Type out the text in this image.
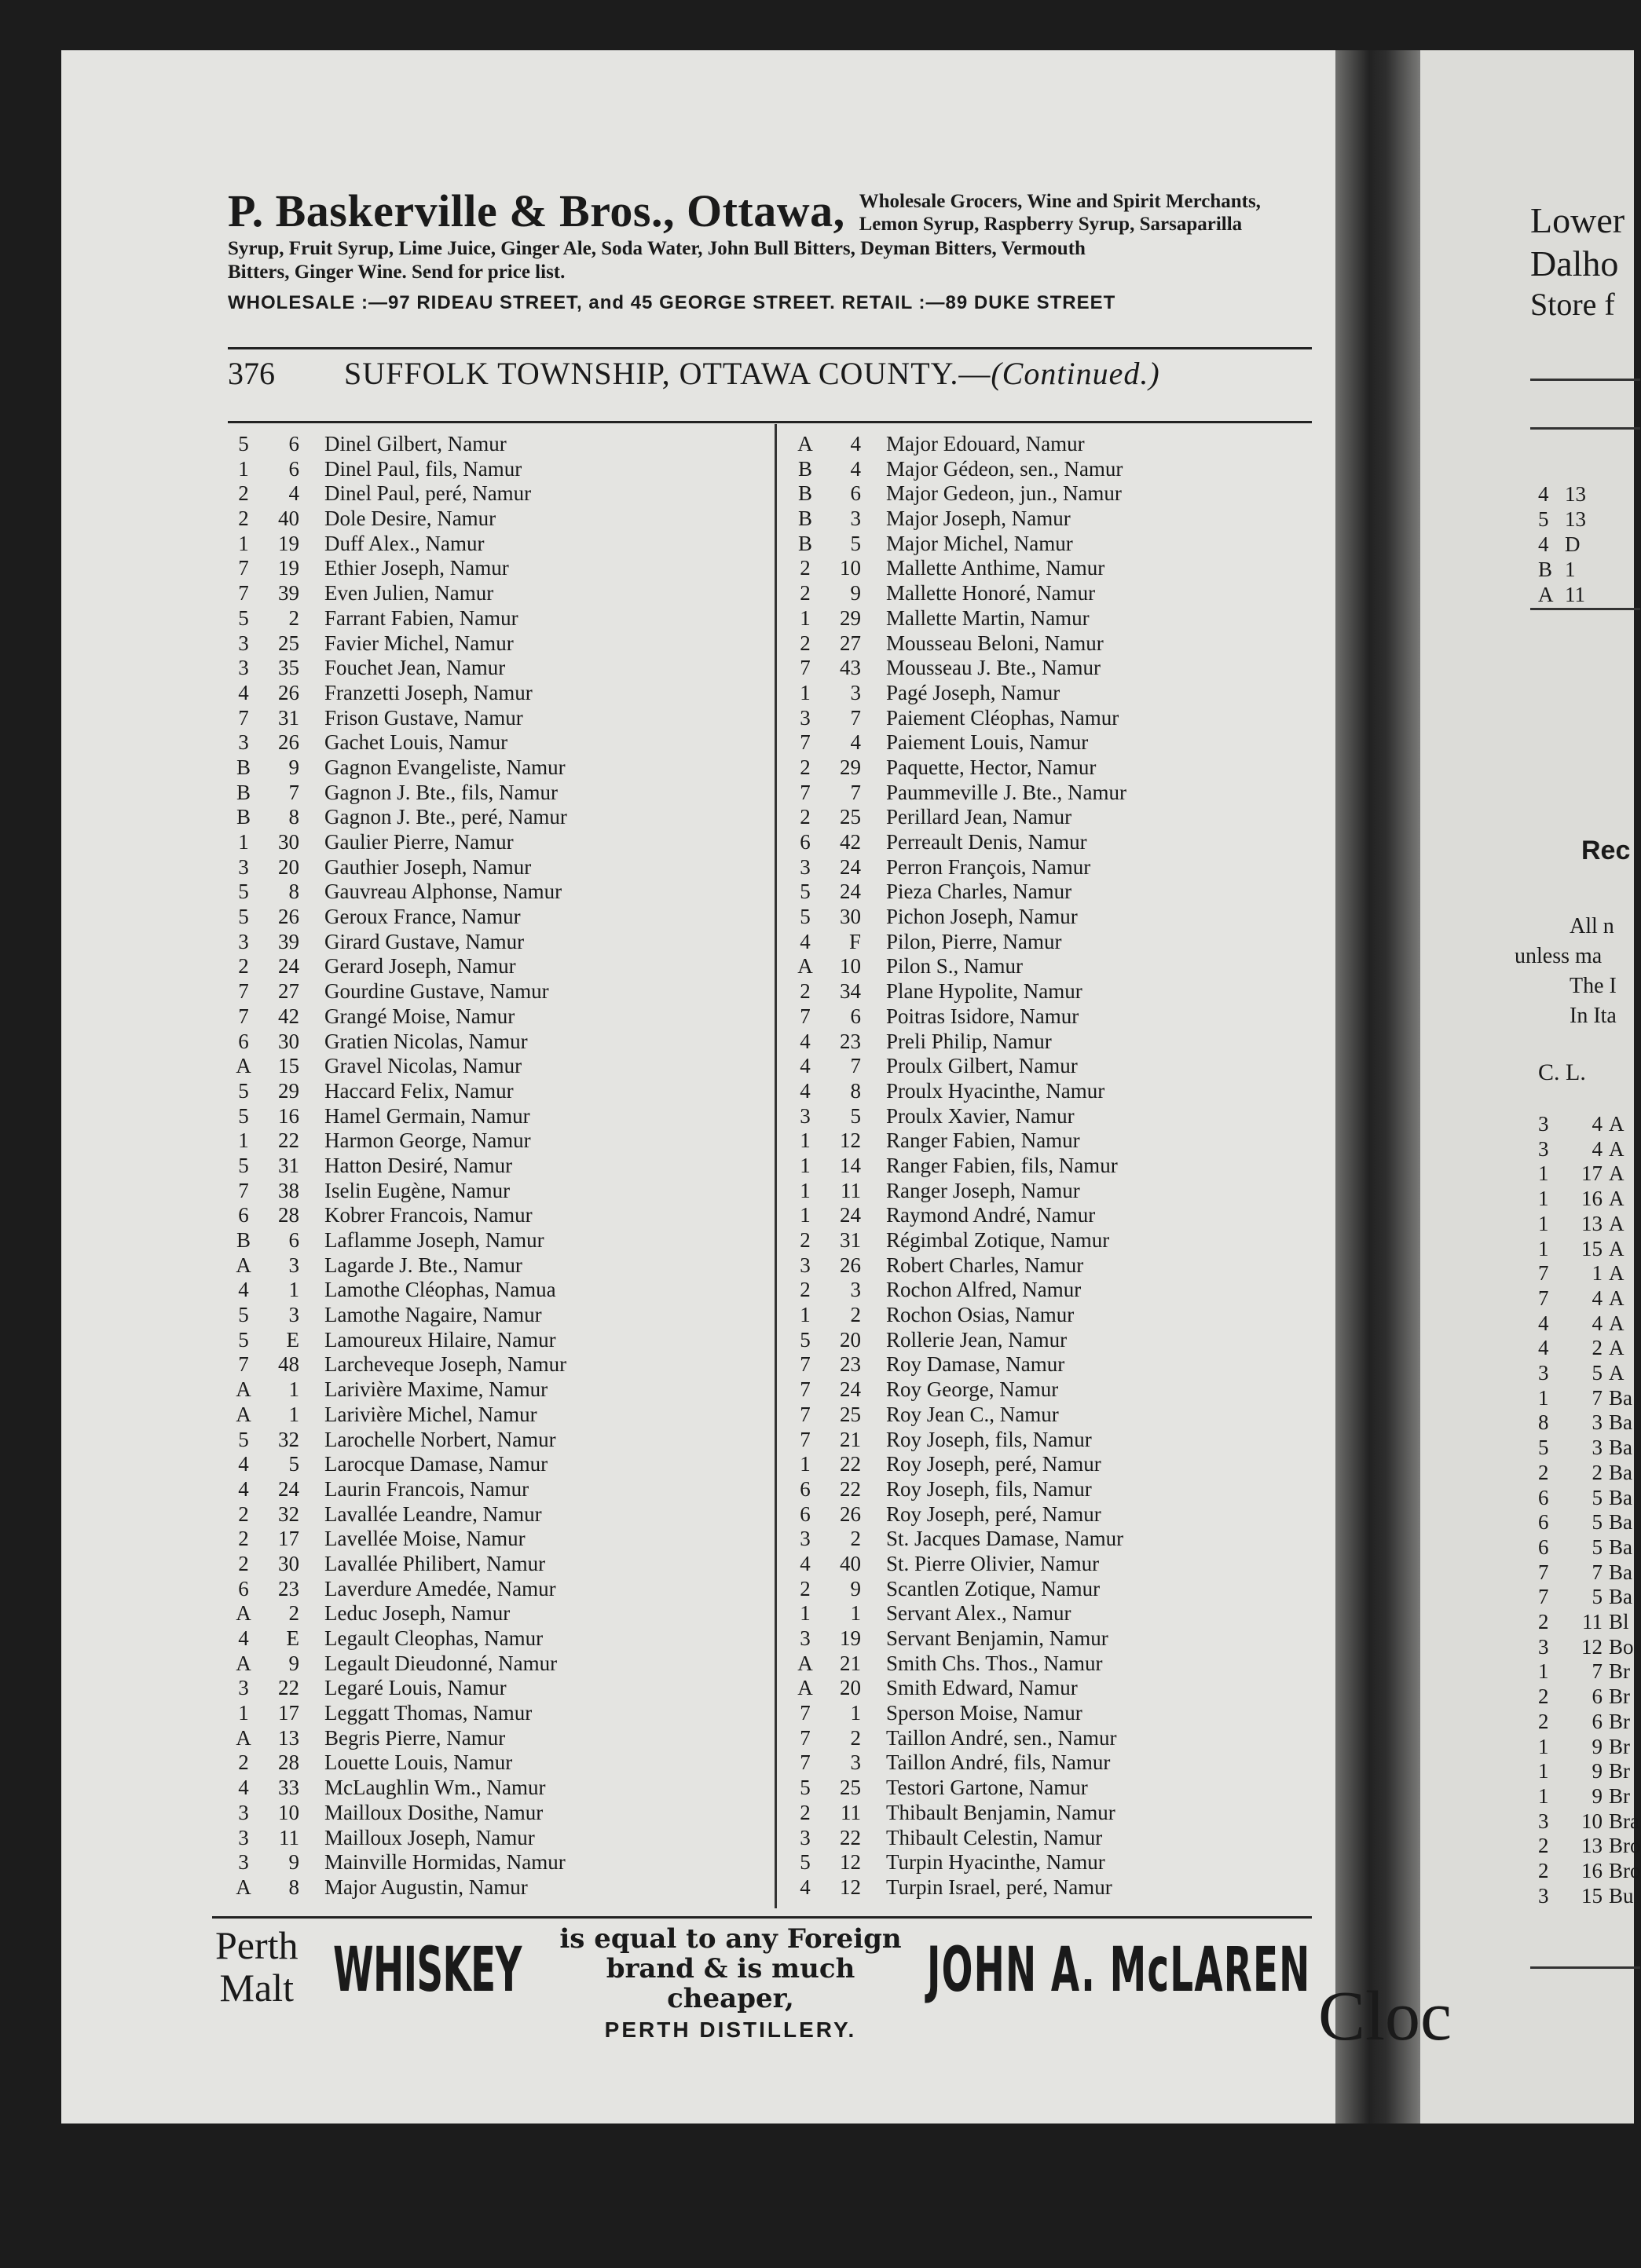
P. Baskerville & Bros., Ottawa, Wholesale Grocers, Wine and Spirit Merchants,
Lemon Syrup, Raspberry Syrup, Sarsaparilla
Syrup, Fruit Syrup, Lime Juice, Ginger Ale, Soda Water, John Bull Bitters, Deyman Bitters, Vermouth
Bitters, Ginger Wine. Send for price list.
WHOLESALE :—97 RIDEAU STREET, and 45 GEORGE STREET. RETAIL :—89 DUKE STREET
376 SUFFOLK TOWNSHIP, OTTAWA COUNTY.—(Continued.)
5	6 Dinel Gilbert, Namur
1	6 Dinel Paul, fils, Namur
2	4 Dinel Paul, peré, Namur
2	40 Dole Desire, Namur
1	19 Duff Alex., Namur
7	19 Ethier Joseph, Namur
7	39 Even Julien, Namur
5	2 Farrant Fabien, Namur
3	25 Favier Michel, Namur
3	35 Fouchet Jean, Namur
4	26 Franzetti Joseph, Namur
7	31 Frison Gustave, Namur
3	26 Gachet Louis, Namur
B	9 Gagnon Evangeliste, Namur
B	7 Gagnon J. Bte., fils, Namur
B	8 Gagnon J. Bte., peré, Namur
1	30 Gaulier Pierre, Namur
3	20 Gauthier Joseph, Namur
5	8 Gauvreau Alphonse, Namur
5	26 Geroux France, Namur
3	39 Girard Gustave, Namur
2	24 Gerard Joseph, Namur
7	27 Gourdine Gustave, Namur
7	42 Grangé Moise, Namur
6	30 Gratien Nicolas, Namur
A	15 Gravel Nicolas, Namur
5	29 Haccard Felix, Namur
5	16 Hamel Germain, Namur
1	22 Harmon George, Namur
5	31 Hatton Desiré, Namur
7	38 Iselin Eugène, Namur
6	28 Kobrer Francois, Namur
B	6 Laflamme Joseph, Namur
A	3 Lagarde J. Bte., Namur
4	1 Lamothe Cléophas, Namua
5	3 Lamothe Nagaire, Namur
5	E Lamoureux Hilaire, Namur
7	48 Larcheveque Joseph, Namur
A	1 Larivière Maxime, Namur
A	1 Larivière Michel, Namur
5	32 Larochelle Norbert, Namur
4	5 Larocque Damase, Namur
4	24 Laurin Francois, Namur
2	32 Lavallée Leandre, Namur
2	17 Lavellée Moise, Namur
2	30 Lavallée Philibert, Namur
6	23 Laverdure Amedée, Namur
A	2 Leduc Joseph, Namur
4	E Legault Cleophas, Namur
A	9 Legault Dieudonné, Namur
3	22 Legaré Louis, Namur
1	17 Leggatt Thomas, Namur
A	13 Begris Pierre, Namur
2	28 Louette Louis, Namur
4	33 McLaughlin Wm., Namur
3	10 Mailloux Dosithe, Namur
3	11 Mailloux Joseph, Namur
3	9 Mainville Hormidas, Namur
A	8 Major Augustin, Namur
A	4 Major Edouard, Namur
B	4 Major Gédeon, sen., Namur
B	6 Major Gedeon, jun., Namur
B	3 Major Joseph, Namur
B	5 Major Michel, Namur
2	10 Mallette Anthime, Namur
2	9 Mallette Honoré, Namur
1	29 Mallette Martin, Namur
2	27 Mousseau Beloni, Namur
7	43 Mousseau J. Bte., Namur
1	3 Pagé Joseph, Namur
3	7 Paiement Cléophas, Namur
7	4 Paiement Louis, Namur
2	29 Paquette, Hector, Namur
7	7 Paummeville J. Bte., Namur
2	25 Perillard Jean, Namur
6	42 Perreault Denis, Namur
3	24 Perron François, Namur
5	24 Pieza Charles, Namur
5	30 Pichon Joseph, Namur
4	F Pilon, Pierre, Namur
A	10 Pilon S., Namur
2	34 Plane Hypolite, Namur
7	6 Poitras Isidore, Namur
4	23 Preli Philip, Namur
4	7 Proulx Gilbert, Namur
4	8 Proulx Hyacinthe, Namur
3	5 Proulx Xavier, Namur
1	12 Ranger Fabien, Namur
1	14 Ranger Fabien, fils, Namur
1	11 Ranger Joseph, Namur
1	24 Raymond André, Namur
2	31 Régimbal Zotique, Namur
3	26 Robert Charles, Namur
2	3 Rochon Alfred, Namur
1	2 Rochon Osias, Namur
5	20 Rollerie Jean, Namur
7	23 Roy Damase, Namur
7	24 Roy George, Namur
7	25 Roy Jean C., Namur
7	21 Roy Joseph, fils, Namur
1	22 Roy Joseph, peré, Namur
6	22 Roy Joseph, fils, Namur
6	26 Roy Joseph, peré, Namur
3	2 St. Jacques Damase, Namur
4	40 St. Pierre Olivier, Namur
2	9 Scantlen Zotique, Namur
1	1 Servant Alex., Namur
3	19 Servant Benjamin, Namur
A	21 Smith Chs. Thos., Namur
A	20 Smith Edward, Namur
7	1 Sperson Moise, Namur
7	2 Taillon André, sen., Namur
7	3 Taillon André, fils, Namur
5	25 Testori Gartone, Namur
2	11 Thibault Benjamin, Namur
3	22 Thibault Celestin, Namur
5	12 Turpin Hyacinthe, Namur
4	12 Turpin Israel, peré, Namur
Perth
Malt WHISKEY is equal to any Foreign
brand & is much cheaper,
PERTH DISTILLERY.
JOHN A. McLAREN
Lower
Dalho
Store f
4 13
5 13
4 D
B 1
A 11
Rec
All n
unless ma
The I
In Ita
C. L.
3 4 A
3 4 A
1 17 A
1 16 A
1 13 A
1 15 A
7 1 A
7 4 A
4 4 A
4 2 A
3 5 A
1 7 Ba
8 3 Ba
5 3 Ba
2 2 Ba
6 5 Ba
6 5 Ba
6 5 Ba
7 7 Ba
7 5 Ba
2 11 Bl
3 12 Bo
1 7 Br
2 6 Br
2 6 Br
1 9 Br
1 9 Br
1 9 Br
3 10 Bra
2 13 Bro
2 16 Bro
3 15 Bu
Cloc
